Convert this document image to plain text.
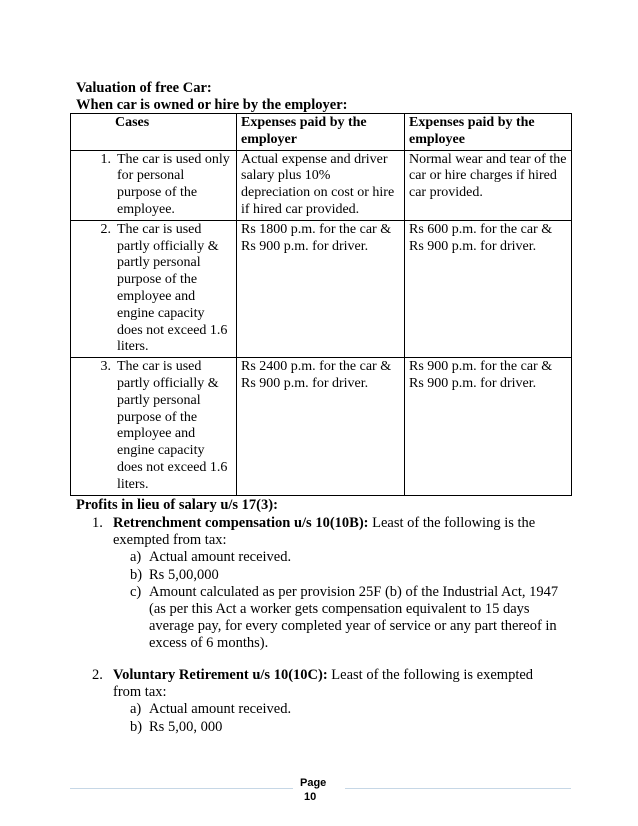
Valuation of free Car:
When car is owned or hire by the employer:
Cases	Expenses paid by the employer	Expenses paid by the employee

1. The car is used only for personal purpose of the employee.	Actual expense and driver salary plus 10% depreciation on cost or hire if hired car provided.	Normal wear and tear of the car or hire charges if hired car provided.

2. The car is used partly officially & partly personal purpose of the employee and engine capacity does not exceed 1.6 liters.	Rs 1800 p.m. for the car & Rs 900 p.m. for driver.	Rs 600 p.m. for the car & Rs 900 p.m. for driver.

3. The car is used partly officially & partly personal purpose of the employee and engine capacity does not exceed 1.6 liters.	Rs 2400 p.m. for the car & Rs 900 p.m. for driver.	Rs 900 p.m. for the car & Rs 900 p.m. for driver.
Profits in lieu of salary u/s 17(3):
1. Retrenchment compensation u/s 10(10B): Least of the following is the
exempted from tax:
a) Actual amount received.
b) Rs 5,00,000
c) Amount calculated as per provision 25F (b) of the Industrial Act, 1947
(as per this Act a worker gets compensation equivalent to 15 days
average pay, for every completed year of service or any part thereof in
excess of 6 months).
2. Voluntary Retirement u/s 10(10C): Least of the following is exempted
from tax:
a) Actual amount received.
b) Rs 5,00, 000
Page
10
